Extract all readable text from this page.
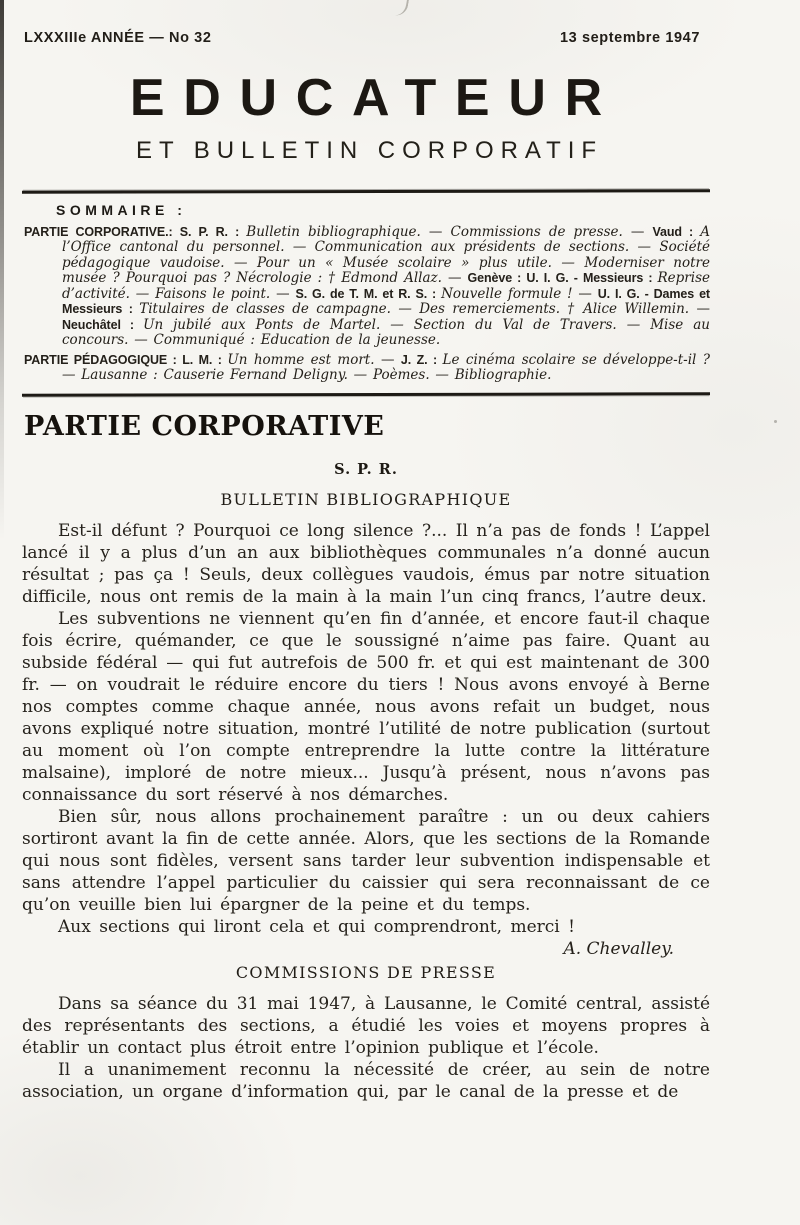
LXXXIIIe ANNÉE — No 32	13 septembre 1947
EDUCATEUR
ET BULLETIN CORPORATIF
SOMMAIRE :

PARTIE CORPORATIVE.: S. P. R. : Bulletin bibliographique. — Commissions de presse. — Vaud : A l’Office cantonal du personnel. — Communication aux présidents de sections. — Société pédagogique vaudoise. — Pour un « Musée scolaire » plus utile. — Moderniser notre musée ? Pourquoi pas ? Nécrologie : † Edmond Allaz. — Genève : U. I. G. - Messieurs : Reprise d’activité. — Faisons le point. — S. G. de T. M. et R. S. : Nouvelle formule ! — U. I. G. - Dames et Messieurs : Titulaires de classes de campagne. — Des remerciements. † Alice Willemin. — Neuchâtel : Un jubilé aux Ponts de Martel. — Section du Val de Travers. — Mise au concours. — Communiqué : Education de la jeunesse.

PARTIE PÉDAGOGIQUE : L. M. : Un homme est mort. — J. Z. : Le cinéma scolaire se développe-t-il ? — Lausanne : Causerie Fernand Deligny. — Poèmes. — Bibliographie.

PARTIE CORPORATIVE
S. P. R.
BULLETIN BIBLIOGRAPHIQUE

Est-il défunt ? Pourquoi ce long silence ?... Il n’a pas de fonds ! L’appel lancé il y a plus d’un an aux bibliothèques communales n’a donné aucun résultat ; pas ça ! Seuls, deux collègues vaudois, émus par notre situation difficile, nous ont remis de la main à la main l’un cinq francs, l’autre deux.

Les subventions ne viennent qu’en fin d’année, et encore faut-il chaque fois écrire, quémander, ce que le soussigné n’aime pas faire. Quant au subside fédéral — qui fut autrefois de 500 fr. et qui est maintenant de 300 fr. — on voudrait le réduire encore du tiers ! Nous avons envoyé à Berne nos comptes comme chaque année, nous avons refait un budget, nous avons expliqué notre situation, montré l’utilité de notre publication (surtout au moment où l’on compte entreprendre la lutte contre la littérature malsaine), imploré de notre mieux... Jusqu’à présent, nous n’avons pas connaissance du sort réservé à nos démarches.

Bien sûr, nous allons prochainement paraître : un ou deux cahiers sortiront avant la fin de cette année. Alors, que les sections de la Romande qui nous sont fidèles, versent sans tarder leur subvention indispensable et sans attendre l’appel particulier du caissier qui sera reconnaissant de ce qu’on veuille bien lui épargner de la peine et du temps.

Aux sections qui liront cela et qui comprendront, merci !

A. Chevalley.
COMMISSIONS DE PRESSE

Dans sa séance du 31 mai 1947, à Lausanne, le Comité central, assisté des représentants des sections, a étudié les voies et moyens propres à établir un contact plus étroit entre l’opinion publique et l’école.

Il a unanimement reconnu la nécessité de créer, au sein de notre association, un organe d’information qui, par le canal de la presse et de
